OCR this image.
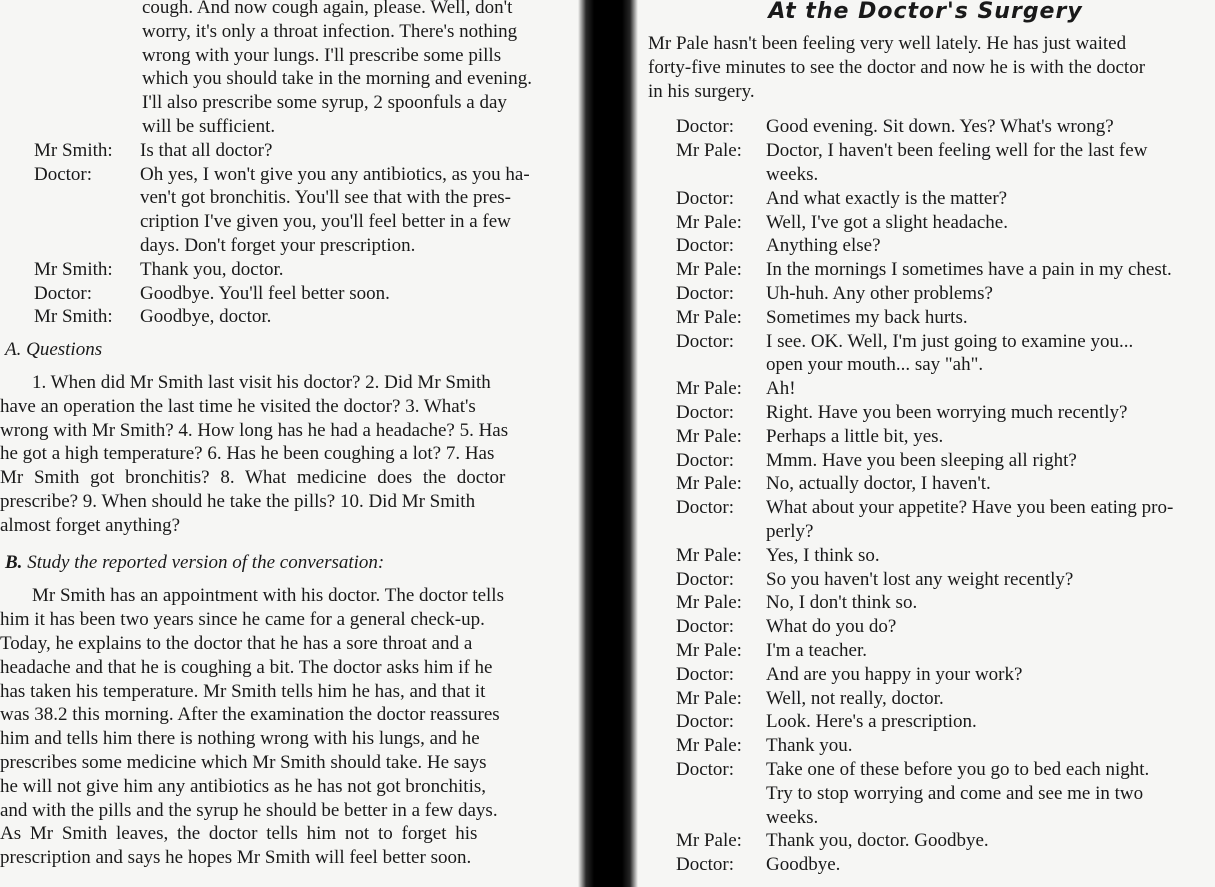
cough. And now cough again, please. Well, don't
worry, it's only a throat infection. There's nothing
wrong with your lungs. I'll prescribe some pills
which you should take in the morning and evening.
I'll also prescribe some syrup, 2 spoonfuls a day
will be sufficient.
Mr Smith:	Is that all doctor?
Doctor:	Oh yes, I won't give you any antibiotics, as you ha-
ven't got bronchitis. You'll see that with the pres-
cription I've given you, you'll feel better in a few
days. Don't forget your prescription.
Mr Smith:	Thank you, doctor.
Doctor:	Goodbye. You'll feel better soon.
Mr Smith:	Goodbye, doctor.
A. Questions
1. When did Mr Smith last visit his doctor? 2. Did Mr Smith
have an operation the last time he visited the doctor? 3. What's
wrong with Mr Smith? 4. How long has he had a headache? 5. Has
he got a high temperature? 6. Has he been coughing a lot? 7. Has
Mr Smith got bronchitis? 8. What medicine does the doctor
prescribe? 9. When should he take the pills? 10. Did Mr Smith
almost forget anything?
B. Study the reported version of the conversation:
Mr Smith has an appointment with his doctor. The doctor tells
him it has been two years since he came for a general check-up.
Today, he explains to the doctor that he has a sore throat and a
headache and that he is coughing a bit. The doctor asks him if he
has taken his temperature. Mr Smith tells him he has, and that it
was 38.2 this morning. After the examination the doctor reassures
him and tells him there is nothing wrong with his lungs, and he
prescribes some medicine which Mr Smith should take. He says
he will not give him any antibiotics as he has not got bronchitis,
and with the pills and the syrup he should be better in a few days.
As Mr Smith leaves, the doctor tells him not to forget his
prescription and says he hopes Mr Smith will feel better soon.
At the Doctor's Surgery
Mr Pale hasn't been feeling very well lately. He has just waited
forty-five minutes to see the doctor and now he is with the doctor
in his surgery.
Doctor:	Good evening. Sit down. Yes? What's wrong?
Mr Pale:	Doctor, I haven't been feeling well for the last few
weeks.
Doctor:	And what exactly is the matter?
Mr Pale:	Well, I've got a slight headache.
Doctor:	Anything else?
Mr Pale:	In the mornings I sometimes have a pain in my chest.
Doctor:	Uh-huh. Any other problems?
Mr Pale:	Sometimes my back hurts.
Doctor:	I see. OK. Well, I'm just going to examine you...
open your mouth... say "ah".
Mr Pale:	Ah!
Doctor:	Right. Have you been worrying much recently?
Mr Pale:	Perhaps a little bit, yes.
Doctor:	Mmm. Have you been sleeping all right?
Mr Pale:	No, actually doctor, I haven't.
Doctor:	What about your appetite? Have you been eating pro-
perly?
Mr Pale:	Yes, I think so.
Doctor:	So you haven't lost any weight recently?
Mr Pale:	No, I don't think so.
Doctor:	What do you do?
Mr Pale:	I'm a teacher.
Doctor:	And are you happy in your work?
Mr Pale:	Well, not really, doctor.
Doctor:	Look. Here's a prescription.
Mr Pale:	Thank you.
Doctor:	Take one of these before you go to bed each night.
Try to stop worrying and come and see me in two
weeks.
Mr Pale:	Thank you, doctor. Goodbye.
Doctor:	Goodbye.
